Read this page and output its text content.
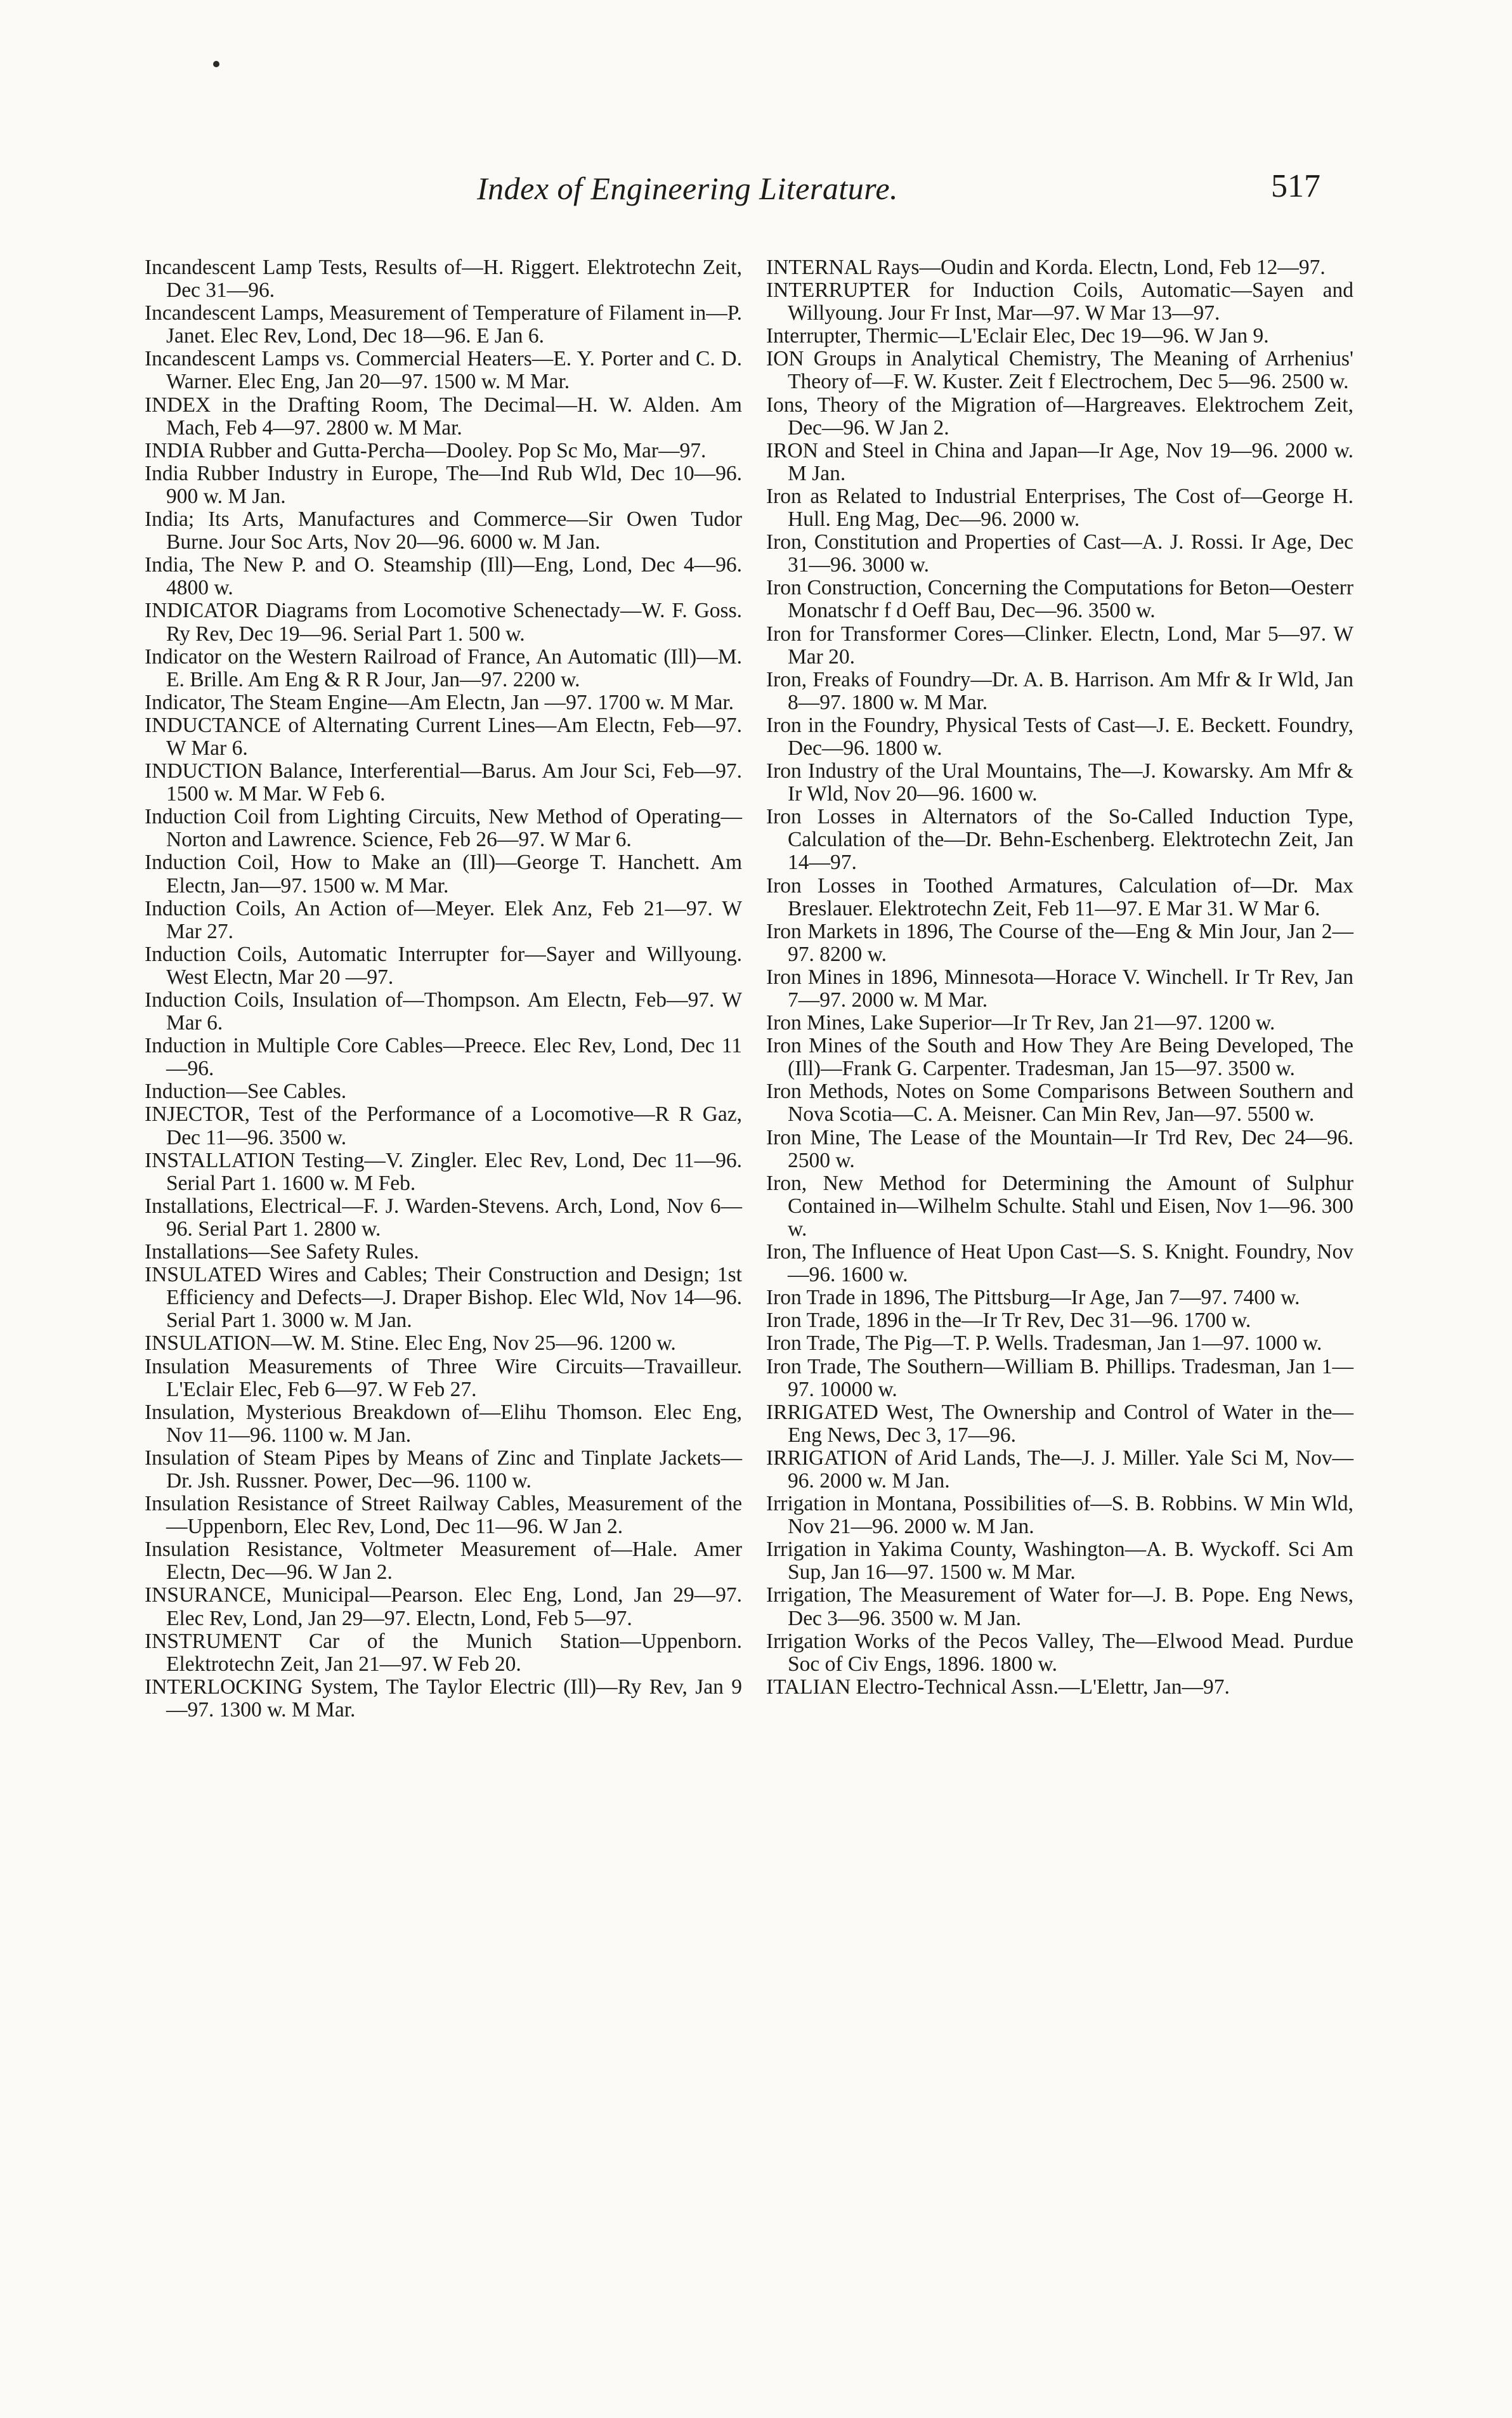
Index of Engineering Literature.	517

Incandescent Lamp Tests, Results of—H. Riggert. Elektrotechn Zeit, Dec 31—96.

Incandescent Lamps, Measurement of Temperature of Filament in—P. Janet. Elec Rev, Lond, Dec 18—96. E Jan 6.

Incandescent Lamps vs. Commercial Heaters—E. Y. Porter and C. D. Warner. Elec Eng, Jan 20—97. 1500 w. M Mar.

INDEX in the Drafting Room, The Decimal—H. W. Alden. Am Mach, Feb 4—97. 2800 w. M Mar.

INDIA Rubber and Gutta-Percha—Dooley. Pop Sc Mo, Mar—97.

India Rubber Industry in Europe, The—Ind Rub Wld, Dec 10—96. 900 w. M Jan.

India; Its Arts, Manufactures and Commerce—Sir Owen Tudor Burne. Jour Soc Arts, Nov 20—96. 6000 w. M Jan.

India, The New P. and O. Steamship (Ill)—Eng, Lond, Dec 4—96. 4800 w.

INDICATOR Diagrams from Locomotive Schenectady—W. F. Goss. Ry Rev, Dec 19—96. Serial Part 1. 500 w.

Indicator on the Western Railroad of France, An Automatic (Ill)—M. E. Brille. Am Eng & R R Jour, Jan—97. 2200 w.

Indicator, The Steam Engine—Am Electn, Jan —97. 1700 w. M Mar.

INDUCTANCE of Alternating Current Lines—Am Electn, Feb—97. W Mar 6.

INDUCTION Balance, Interferential—Barus. Am Jour Sci, Feb—97. 1500 w. M Mar. W Feb 6.

Induction Coil from Lighting Circuits, New Method of Operating—Norton and Lawrence. Science, Feb 26—97. W Mar 6.

Induction Coil, How to Make an (Ill)—George T. Hanchett. Am Electn, Jan—97. 1500 w. M Mar.

Induction Coils, An Action of—Meyer. Elek Anz, Feb 21—97. W Mar 27.

Induction Coils, Automatic Interrupter for—Sayer and Willyoung. West Electn, Mar 20 —97.

Induction Coils, Insulation of—Thompson. Am Electn, Feb—97. W Mar 6.

Induction in Multiple Core Cables—Preece. Elec Rev, Lond, Dec 11—96.

Induction—See Cables.

INJECTOR, Test of the Performance of a Locomotive—R R Gaz, Dec 11—96. 3500 w.

INSTALLATION Testing—V. Zingler. Elec Rev, Lond, Dec 11—96. Serial Part 1. 1600 w. M Feb.

Installations, Electrical—F. J. Warden-Stevens. Arch, Lond, Nov 6—96. Serial Part 1. 2800 w.

Installations—See Safety Rules.

INSULATED Wires and Cables; Their Construction and Design; 1st Efficiency and Defects—J. Draper Bishop. Elec Wld, Nov 14—96. Serial Part 1. 3000 w. M Jan.

INSULATION—W. M. Stine. Elec Eng, Nov 25—96. 1200 w.

Insulation Measurements of Three Wire Circuits—Travailleur. L'Eclair Elec, Feb 6—97. W Feb 27.

Insulation, Mysterious Breakdown of—Elihu Thomson. Elec Eng, Nov 11—96. 1100 w. M Jan.

Insulation of Steam Pipes by Means of Zinc and Tinplate Jackets—Dr. Jsh. Russner. Power, Dec—96. 1100 w.

Insulation Resistance of Street Railway Cables, Measurement of the—Uppenborn, Elec Rev, Lond, Dec 11—96. W Jan 2.

Insulation Resistance, Voltmeter Measurement of—Hale. Amer Electn, Dec—96. W Jan 2.

INSURANCE, Municipal—Pearson. Elec Eng, Lond, Jan 29—97. Elec Rev, Lond, Jan 29—97. Electn, Lond, Feb 5—97.

INSTRUMENT Car of the Munich Station—Uppenborn. Elektrotechn Zeit, Jan 21—97. W Feb 20.

INTERLOCKING System, The Taylor Electric (Ill)—Ry Rev, Jan 9—97. 1300 w. M Mar.

INTERNAL Rays—Oudin and Korda. Electn, Lond, Feb 12—97.

INTERRUPTER for Induction Coils, Automatic—Sayen and Willyoung. Jour Fr Inst, Mar—97. W Mar 13—97.

Interrupter, Thermic—L'Eclair Elec, Dec 19—96. W Jan 9.

ION Groups in Analytical Chemistry, The Meaning of Arrhenius' Theory of—F. W. Kuster. Zeit f Electrochem, Dec 5—96. 2500 w.

Ions, Theory of the Migration of—Hargreaves. Elektrochem Zeit, Dec—96. W Jan 2.

IRON and Steel in China and Japan—Ir Age, Nov 19—96. 2000 w. M Jan.

Iron as Related to Industrial Enterprises, The Cost of—George H. Hull. Eng Mag, Dec—96. 2000 w.

Iron, Constitution and Properties of Cast—A. J. Rossi. Ir Age, Dec 31—96. 3000 w.

Iron Construction, Concerning the Computations for Beton—Oesterr Monatschr f d Oeff Bau, Dec—96. 3500 w.

Iron for Transformer Cores—Clinker. Electn, Lond, Mar 5—97. W Mar 20.

Iron, Freaks of Foundry—Dr. A. B. Harrison. Am Mfr & Ir Wld, Jan 8—97. 1800 w. M Mar.

Iron in the Foundry, Physical Tests of Cast—J. E. Beckett. Foundry, Dec—96. 1800 w.

Iron Industry of the Ural Mountains, The—J. Kowarsky. Am Mfr & Ir Wld, Nov 20—96. 1600 w.

Iron Losses in Alternators of the So-Called Induction Type, Calculation of the—Dr. Behn-Eschenberg. Elektrotechn Zeit, Jan 14—97.

Iron Losses in Toothed Armatures, Calculation of—Dr. Max Breslauer. Elektrotechn Zeit, Feb 11—97. E Mar 31. W Mar 6.

Iron Markets in 1896, The Course of the—Eng & Min Jour, Jan 2—97. 8200 w.

Iron Mines in 1896, Minnesota—Horace V. Winchell. Ir Tr Rev, Jan 7—97. 2000 w. M Mar.

Iron Mines, Lake Superior—Ir Tr Rev, Jan 21—97. 1200 w.

Iron Mines of the South and How They Are Being Developed, The (Ill)—Frank G. Carpenter. Tradesman, Jan 15—97. 3500 w.

Iron Methods, Notes on Some Comparisons Between Southern and Nova Scotia—C. A. Meisner. Can Min Rev, Jan—97. 5500 w.

Iron Mine, The Lease of the Mountain—Ir Trd Rev, Dec 24—96. 2500 w.

Iron, New Method for Determining the Amount of Sulphur Contained in—Wilhelm Schulte. Stahl und Eisen, Nov 1—96. 300 w.

Iron, The Influence of Heat Upon Cast—S. S. Knight. Foundry, Nov—96. 1600 w.

Iron Trade in 1896, The Pittsburg—Ir Age, Jan 7—97. 7400 w.

Iron Trade, 1896 in the—Ir Tr Rev, Dec 31—96. 1700 w.

Iron Trade, The Pig—T. P. Wells. Tradesman, Jan 1—97. 1000 w.

Iron Trade, The Southern—William B. Phillips. Tradesman, Jan 1—97. 10000 w.

IRRIGATED West, The Ownership and Control of Water in the—Eng News, Dec 3, 17—96.

IRRIGATION of Arid Lands, The—J. J. Miller. Yale Sci M, Nov—96. 2000 w. M Jan.

Irrigation in Montana, Possibilities of—S. B. Robbins. W Min Wld, Nov 21—96. 2000 w. M Jan.

Irrigation in Yakima County, Washington—A. B. Wyckoff. Sci Am Sup, Jan 16—97. 1500 w. M Mar.

Irrigation, The Measurement of Water for—J. B. Pope. Eng News, Dec 3—96. 3500 w. M Jan.

Irrigation Works of the Pecos Valley, The—Elwood Mead. Purdue Soc of Civ Engs, 1896. 1800 w.

ITALIAN Electro-Technical Assn.—L'Elettr, Jan—97.
